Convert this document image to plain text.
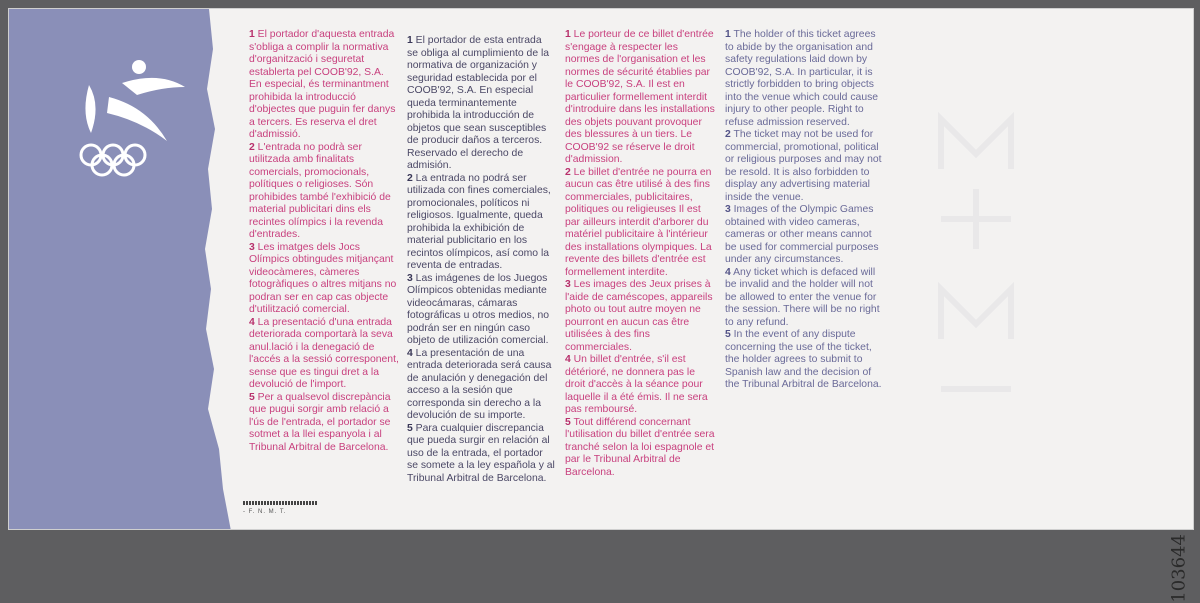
1 El portador d'aquesta entrada s'obliga a complir la normativa d'organització i seguretat establerta pel COOB'92, S.A. En especial, és terminantment prohibida la introducció d'objectes que puguin fer danys a tercers. Es reserva el dret d'admissió.

2 L'entrada no podrà ser utilitzada amb finalitats comercials, promocionals, polítiques o religioses. Són prohibides també l'exhibició de material publicitari dins els recintes olímpics i la revenda d'entrades.

3 Les imatges dels Jocs Olímpics obtingudes mitjançant videocàmeres, càmeres fotogràfiques o altres mitjans no podran ser en cap cas objecte d'utilització comercial.

4 La presentació d'una entrada deteriorada comportarà la seva anul.lació i la denegació de l'accés a la sessió corresponent, sense que es tingui dret a la devolució de l'import.

5 Per a qualsevol discrepància que pugui sorgir amb relació a l'ús de l'entrada, el portador se sotmet a la llei espanyola i al Tribunal Arbitral de Barcelona.

1 El portador de esta entrada se obliga al cumplimiento de la normativa de organización y seguridad establecida por el COOB'92, S.A. En especial queda terminantemente prohibida la introducción de objetos que sean susceptibles de producir daños a terceros. Reservado el derecho de admisión.

2 La entrada no podrá ser utilizada con fines comerciales, promocionales, políticos ni religiosos. Igualmente, queda prohibida la exhibición de material publicitario en los recintos olímpicos, así como la reventa de entradas.

3 Las imágenes de los Juegos Olímpicos obtenidas mediante videocámaras, cámaras fotográficas u otros medios, no podrán ser en ningún caso objeto de utilización comercial.

4 La presentación de una entrada deteriorada será causa de anulación y denegación del acceso a la sesión que corresponda sin derecho a la devolución de su importe.

5 Para cualquier discrepancia que pueda surgir en relación al uso de la entrada, el portador se somete a la ley española y al Tribunal Arbitral de Barcelona.

1 Le porteur de ce billet d'entrée s'engage à respecter les normes de l'organisation et les normes de sécurité établies par le COOB'92, S.A. Il est en particulier formellement interdit d'introduire dans les installations des objets pouvant provoquer des blessures à un tiers. Le COOB'92 se réserve le droit d'admission.

2 Le billet d'entrée ne pourra en aucun cas être utilisé à des fins commerciales, publicitaires, politiques ou religieuses Il est par ailleurs interdit d'arborer du matériel publicitaire à l'intérieur des installations olympiques. La revente des billets d'entrée est formellement interdite.

3 Les images des Jeux prises à l'aide de caméscopes, appareils photo ou tout autre moyen ne pourront en aucun cas être utilisées à des fins commerciales.

4 Un billet d'entrée, s'il est détérioré, ne donnera pas le droit d'accès à la séance pour laquelle il a été émis. Il ne sera pas remboursé.

5 Tout différend concernant l'utilisation du billet d'entrée sera tranché selon la loi espagnole et par le Tribunal Arbitral de Barcelona.

1 The holder of this ticket agrees to abide by the organisation and safety regulations laid down by COOB'92, S.A. In particular, it is strictly forbidden to bring objects into the venue which could cause injury to other people. Right to refuse admission reserved.

2 The ticket may not be used for commercial, promotional, political or religious purposes and may not be resold. It is also forbidden to display any advertising material inside the venue.

3 Images of the Olympic Games obtained with video cameras, cameras or other means cannot be used for commercial purposes under any circumstances.

4 Any ticket which is defaced will be invalid and the holder will not be allowed to enter the venue for the session. There will be no right to any refund.

5 In the event of any dispute concerning the use of the ticket, the holder agrees to submit to Spanish law and the decision of the Tribunal Arbitral de Barcelona.

- F. N. M. T.
103644
